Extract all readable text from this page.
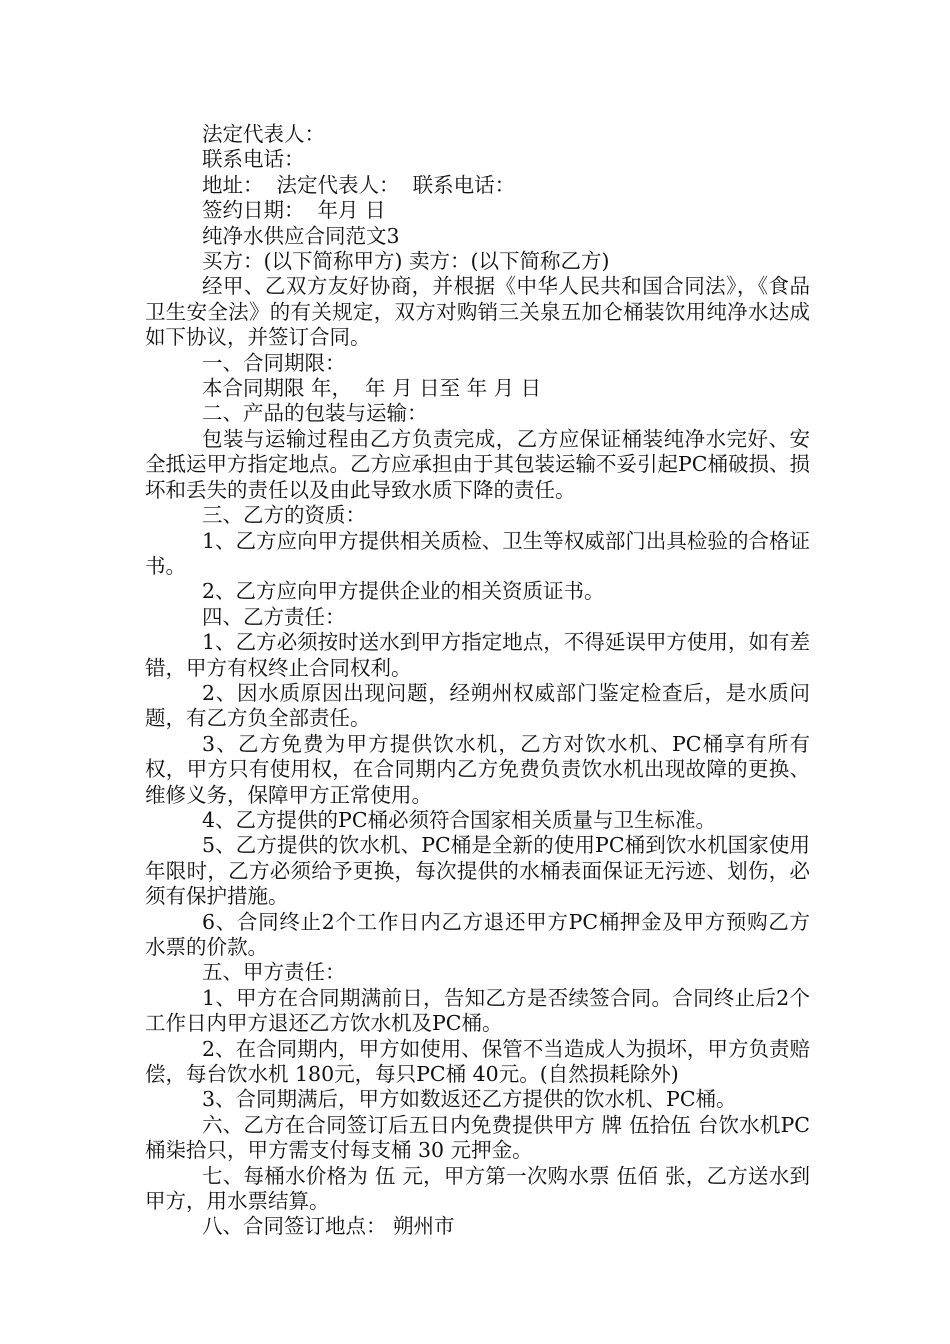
法定代表人：

联系电话：

地址：  法定代表人：  联系电话：

签约日期：  年月 日

纯净水供应合同范文3

买方：(以下简称甲方) 卖方：(以下简称乙方)

经甲、乙双方友好协商，并根据《中华人民共和国合同法》，《食品卫生安全法》的有关规定，双方对购销三关泉五加仑桶装饮用纯净水达成如下协议，并签订合同。

一、合同期限：

本合同期限 年，  年 月 日至 年 月 日

二、产品的包装与运输：

包装与运输过程由乙方负责完成，乙方应保证桶装纯净水完好、安全抵运甲方指定地点。乙方应承担由于其包装运输不妥引起PC桶破损、损坏和丢失的责任以及由此导致水质下降的责任。

三、乙方的资质：

1、乙方应向甲方提供相关质检、卫生等权威部门出具检验的合格证书。

2、乙方应向甲方提供企业的相关资质证书。

四、乙方责任：

1、乙方必须按时送水到甲方指定地点，不得延误甲方使用，如有差错，甲方有权终止合同权利。

2、因水质原因出现问题，经朔州权威部门鉴定检查后，是水质问题，有乙方负全部责任。

3、乙方免费为甲方提供饮水机，乙方对饮水机、PC桶享有所有权，甲方只有使用权，在合同期内乙方免费负责饮水机出现故障的更换、维修义务，保障甲方正常使用。

4、乙方提供的PC桶必须符合国家相关质量与卫生标准。

5、乙方提供的饮水机、PC桶是全新的使用PC桶到饮水机国家使用年限时，乙方必须给予更换，每次提供的水桶表面保证无污迹、划伤，必须有保护措施。

6、合同终止2个工作日内乙方退还甲方PC桶押金及甲方预购乙方水票的价款。

五、甲方责任：

1、甲方在合同期满前日，告知乙方是否续签合同。合同终止后2个工作日内甲方退还乙方饮水机及PC桶。

2、在合同期内，甲方如使用、保管不当造成人为损坏，甲方负责赔偿，每台饮水机 180元，每只PC桶 40元。(自然损耗除外)

3、合同期满后，甲方如数返还乙方提供的饮水机、PC桶。

六、乙方在合同签订后五日内免费提供甲方 牌 伍拾伍 台饮水机PC桶柒拾只，甲方需支付每支桶 30 元押金。

七、每桶水价格为 伍 元，甲方第一次购水票 伍佰 张，乙方送水到甲方，用水票结算。

八、合同签订地点： 朔州市
